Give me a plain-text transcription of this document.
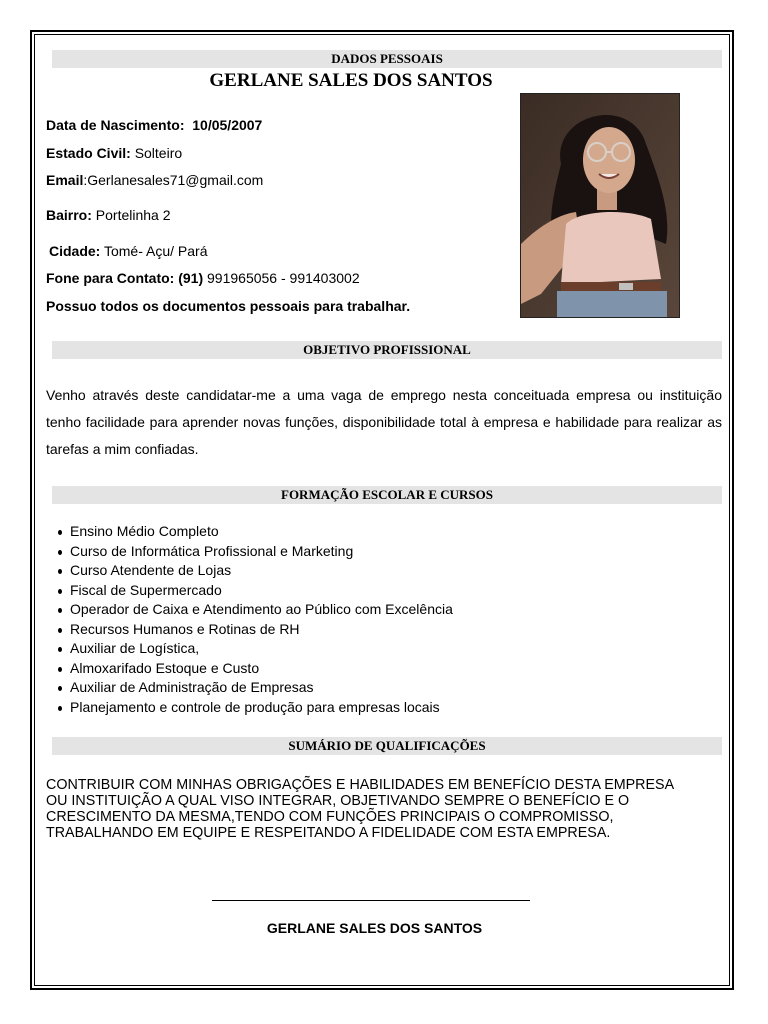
DADOS PESSOAIS
GERLANE SALES DOS SANTOS
Data de Nascimento: 10/05/2007
Estado Civil: Solteiro
Email:Gerlanesales71@gmail.com
Bairro: Portelinha 2
Cidade: Tomé- Açu/ Pará
Fone para Contato: (91) 991965056 - 991403002
Possuo todos os documentos pessoais para trabalhar.
OBJETIVO PROFISSIONAL
Venho através deste candidatar-me a uma vaga de emprego nesta conceituada empresa ou instituição tenho facilidade para aprender novas funções, disponibilidade total à empresa e habilidade para realizar as tarefas a mim confiadas.
FORMAÇÃO ESCOLAR E CURSOS
Ensino Médio Completo
Curso de Informática Profissional e Marketing
Curso Atendente de Lojas
Fiscal de Supermercado
Operador de Caixa e Atendimento ao Público com Excelência
Recursos Humanos e Rotinas de RH
Auxiliar de Logística,
Almoxarifado Estoque e Custo
Auxiliar de Administração de Empresas
Planejamento e controle de produção para empresas locais
SUMÁRIO DE QUALIFICAÇÕES
CONTRIBUIR COM MINHAS OBRIGAÇÕES E HABILIDADES EM BENEFÍCIO DESTA EMPRESA
OU INSTITUIÇÃO A QUAL VISO INTEGRAR, OBJETIVANDO SEMPRE O BENEFÍCIO E O
CRESCIMENTO DA MESMA,TENDO COM FUNÇÕES PRINCIPAIS O COMPROMISSO,
TRABALHANDO EM EQUIPE E RESPEITANDO A FIDELIDADE COM ESTA EMPRESA.
GERLANE SALES DOS SANTOS
